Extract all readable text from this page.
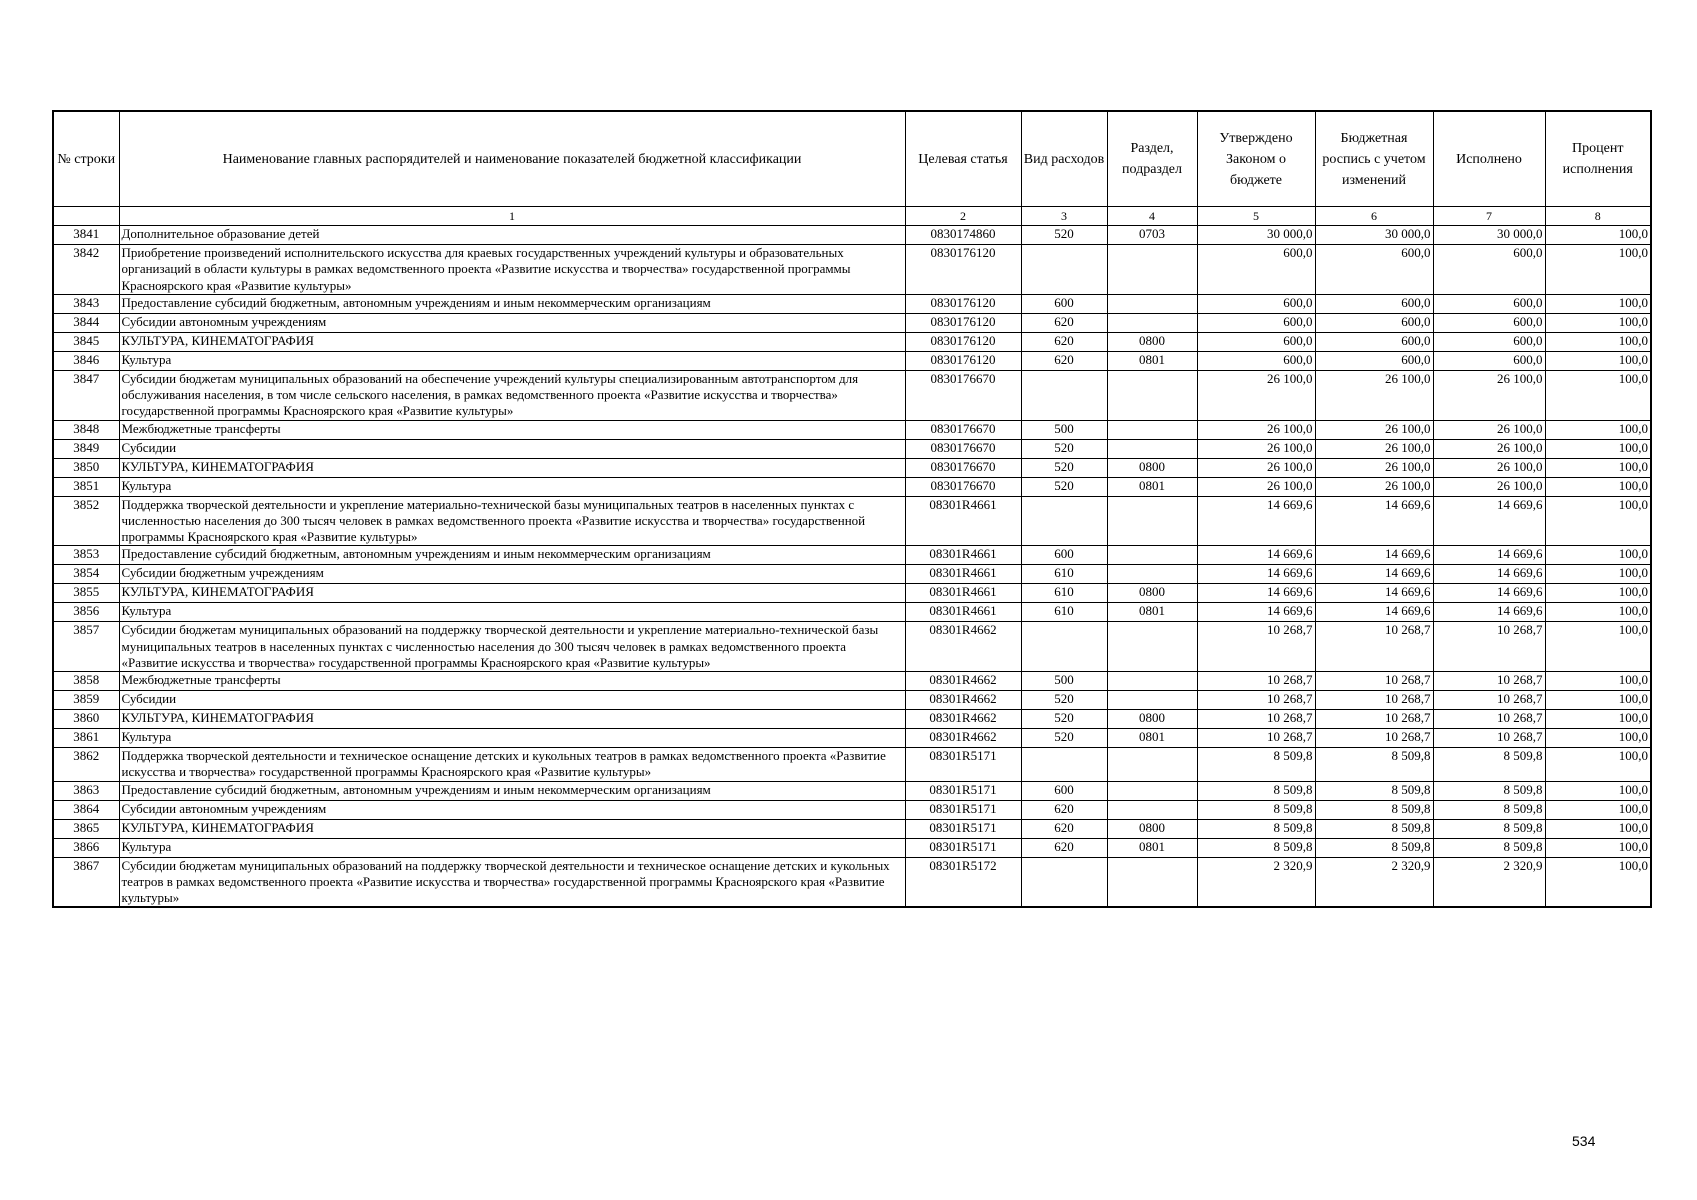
№ строки	Наименование главных распорядителей и наименование показателей бюджетной классификации	Целевая статья	Вид расходов	Раздел, подраздел	Утверждено Законом о бюджете	Бюджетная роспись с учетом изменений	Исполнено	Процент исполнения
	1	2	3	4	5	6	7	8
3841	Дополнительное образование детей	0830174860	520	0703	30 000,0	30 000,0	30 000,0	100,0
3842	Приобретение произведений исполнительского искусства для краевых государственных учреждений культуры и образовательных организаций в области культуры в рамках ведомственного проекта «Развитие искусства и творчества» государственной программы Красноярского края «Развитие культуры»	0830176120			600,0	600,0	600,0	100,0
3843	Предоставление субсидий бюджетным, автономным учреждениям и иным некоммерческим организациям	0830176120	600		600,0	600,0	600,0	100,0
3844	Субсидии автономным учреждениям	0830176120	620		600,0	600,0	600,0	100,0
3845	КУЛЬТУРА, КИНЕМАТОГРАФИЯ	0830176120	620	0800	600,0	600,0	600,0	100,0
3846	Культура	0830176120	620	0801	600,0	600,0	600,0	100,0
3847	Субсидии бюджетам муниципальных образований на обеспечение учреждений культуры специализированным автотранспортом для обслуживания населения, в том числе сельского населения, в рамках ведомственного проекта «Развитие искусства и творчества» государственной программы Красноярского края «Развитие культуры»	0830176670			26 100,0	26 100,0	26 100,0	100,0
3848	Межбюджетные трансферты	0830176670	500		26 100,0	26 100,0	26 100,0	100,0
3849	Субсидии	0830176670	520		26 100,0	26 100,0	26 100,0	100,0
3850	КУЛЬТУРА, КИНЕМАТОГРАФИЯ	0830176670	520	0800	26 100,0	26 100,0	26 100,0	100,0
3851	Культура	0830176670	520	0801	26 100,0	26 100,0	26 100,0	100,0
3852	Поддержка творческой деятельности и укрепление материально-технической базы муниципальных театров в населенных пунктах с численностью населения до 300 тысяч человек в рамках ведомственного проекта «Развитие искусства и творчества» государственной программы Красноярского края «Развитие культуры»	08301R4661			14 669,6	14 669,6	14 669,6	100,0
3853	Предоставление субсидий бюджетным, автономным учреждениям и иным некоммерческим организациям	08301R4661	600		14 669,6	14 669,6	14 669,6	100,0
3854	Субсидии бюджетным учреждениям	08301R4661	610		14 669,6	14 669,6	14 669,6	100,0
3855	КУЛЬТУРА, КИНЕМАТОГРАФИЯ	08301R4661	610	0800	14 669,6	14 669,6	14 669,6	100,0
3856	Культура	08301R4661	610	0801	14 669,6	14 669,6	14 669,6	100,0
3857	Субсидии бюджетам муниципальных образований на поддержку творческой деятельности и укрепление материально-технической базы муниципальных театров в населенных пунктах с численностью населения до 300 тысяч человек в рамках ведомственного проекта «Развитие искусства и творчества» государственной программы Красноярского края «Развитие культуры»	08301R4662			10 268,7	10 268,7	10 268,7	100,0
3858	Межбюджетные трансферты	08301R4662	500		10 268,7	10 268,7	10 268,7	100,0
3859	Субсидии	08301R4662	520		10 268,7	10 268,7	10 268,7	100,0
3860	КУЛЬТУРА, КИНЕМАТОГРАФИЯ	08301R4662	520	0800	10 268,7	10 268,7	10 268,7	100,0
3861	Культура	08301R4662	520	0801	10 268,7	10 268,7	10 268,7	100,0
3862	Поддержка творческой деятельности и техническое оснащение детских и кукольных театров в рамках ведомственного проекта «Развитие искусства и творчества» государственной программы Красноярского края «Развитие культуры»	08301R5171			8 509,8	8 509,8	8 509,8	100,0
3863	Предоставление субсидий бюджетным, автономным учреждениям и иным некоммерческим организациям	08301R5171	600		8 509,8	8 509,8	8 509,8	100,0
3864	Субсидии автономным учреждениям	08301R5171	620		8 509,8	8 509,8	8 509,8	100,0
3865	КУЛЬТУРА, КИНЕМАТОГРАФИЯ	08301R5171	620	0800	8 509,8	8 509,8	8 509,8	100,0
3866	Культура	08301R5171	620	0801	8 509,8	8 509,8	8 509,8	100,0
3867	Субсидии бюджетам муниципальных образований на поддержку творческой деятельности и техническое оснащение детских и кукольных театров в рамках ведомственного проекта «Развитие искусства и творчества» государственной программы Красноярского края «Развитие культуры»	08301R5172			2 320,9	2 320,9	2 320,9	100,0
534
